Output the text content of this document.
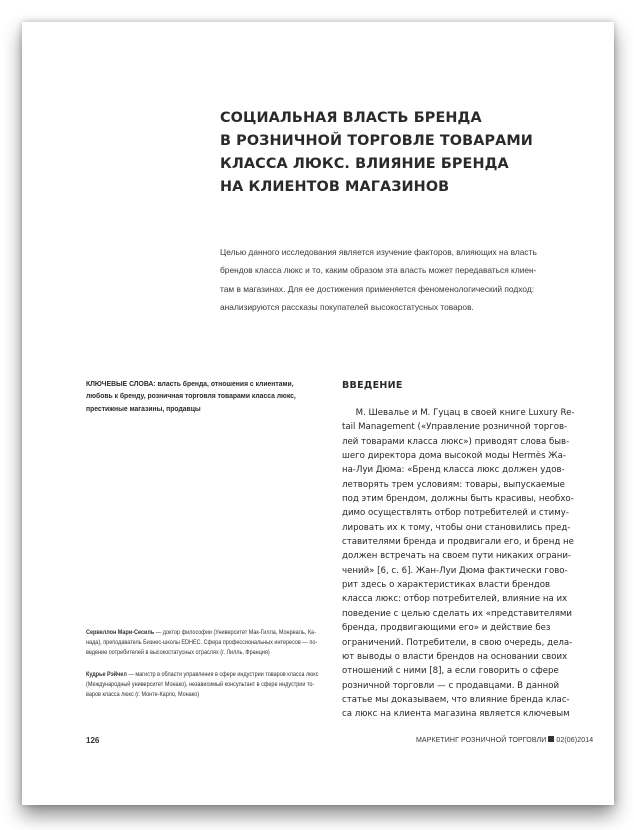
СОЦИАЛЬНАЯ ВЛАСТЬ БРЕНДА
В РОЗНИЧНОЙ ТОРГОВЛЕ ТОВАРАМИ
КЛАССА ЛЮКС. ВЛИЯНИЕ БРЕНДА
НА КЛИЕНТОВ МАГАЗИНОВ
Целью данного исследования является изучение факторов, влияющих на власть
брендов класса люкс и то, каким образом эта власть может передаваться клиен-
там в магазинах. Для ее достижения применяется феноменологический подход:
анализируются рассказы покупателей высокостатусных товаров.
КЛЮЧЕВЫЕ СЛОВА: власть бренда, отношения с клиентами,
любовь к бренду, розничная торговля товарами класса люкс,
престижные магазины, продавцы
ВВЕДЕНИЕ
М. Шевалье и М. Гуцац в своей книге Luxury Re-
tail Management («Управление розничной торгов-
лей товарами класса люкс») приводят слова быв-
шего директора дома высокой моды Hermès Жа-
на-Луи Дюма: «Бренд класса люкс должен удов-
летворять трем условиям: товары, выпускаемые
под этим брендом, должны быть красивы, необхо-
димо осуществлять отбор потребителей и стиму-
лировать их к тому, чтобы они становились пред-
ставителями бренда и продвигали его, и бренд не
должен встречать на своем пути никаких ограни-
чений» [6, с. 6]. Жан-Луи Дюма фактически гово-
рит здесь о характеристиках власти брендов
класса люкс: отбор потребителей, влияние на их
поведение с целью сделать их «представителями
бренда, продвигающими его» и действие без
ограничений. Потребители, в свою очередь, дела-
ют выводы о власти брендов на основании своих
отношений с ними [8], а если говорить о сфере
розничной торговли — с продавцами. В данной
статье мы доказываем, что влияние бренда клас-
са люкс на клиента магазина является ключевым
Сервеллон Мари-Сесиль — доктор философии (Университет Мак-Гилла, Монреаль, Ка-
нада), преподаватель Бизнес-школы EDHEC. Сфера профессиональных интересов — по-
ведение потребителей в высокостатусных отраслях (г. Лилль, Франция)
Кудрье Рэйчел — магистр в области управления в сфере индустрии товаров класса люкс
(Международный университет Монако), независимый консультант в сфере индустрии то-
варов класса люкс (г. Монте-Карло, Монако)
126	МАРКЕТИНГ РОЗНИЧНОЙ ТОРГОВЛИ 02(06)2014
